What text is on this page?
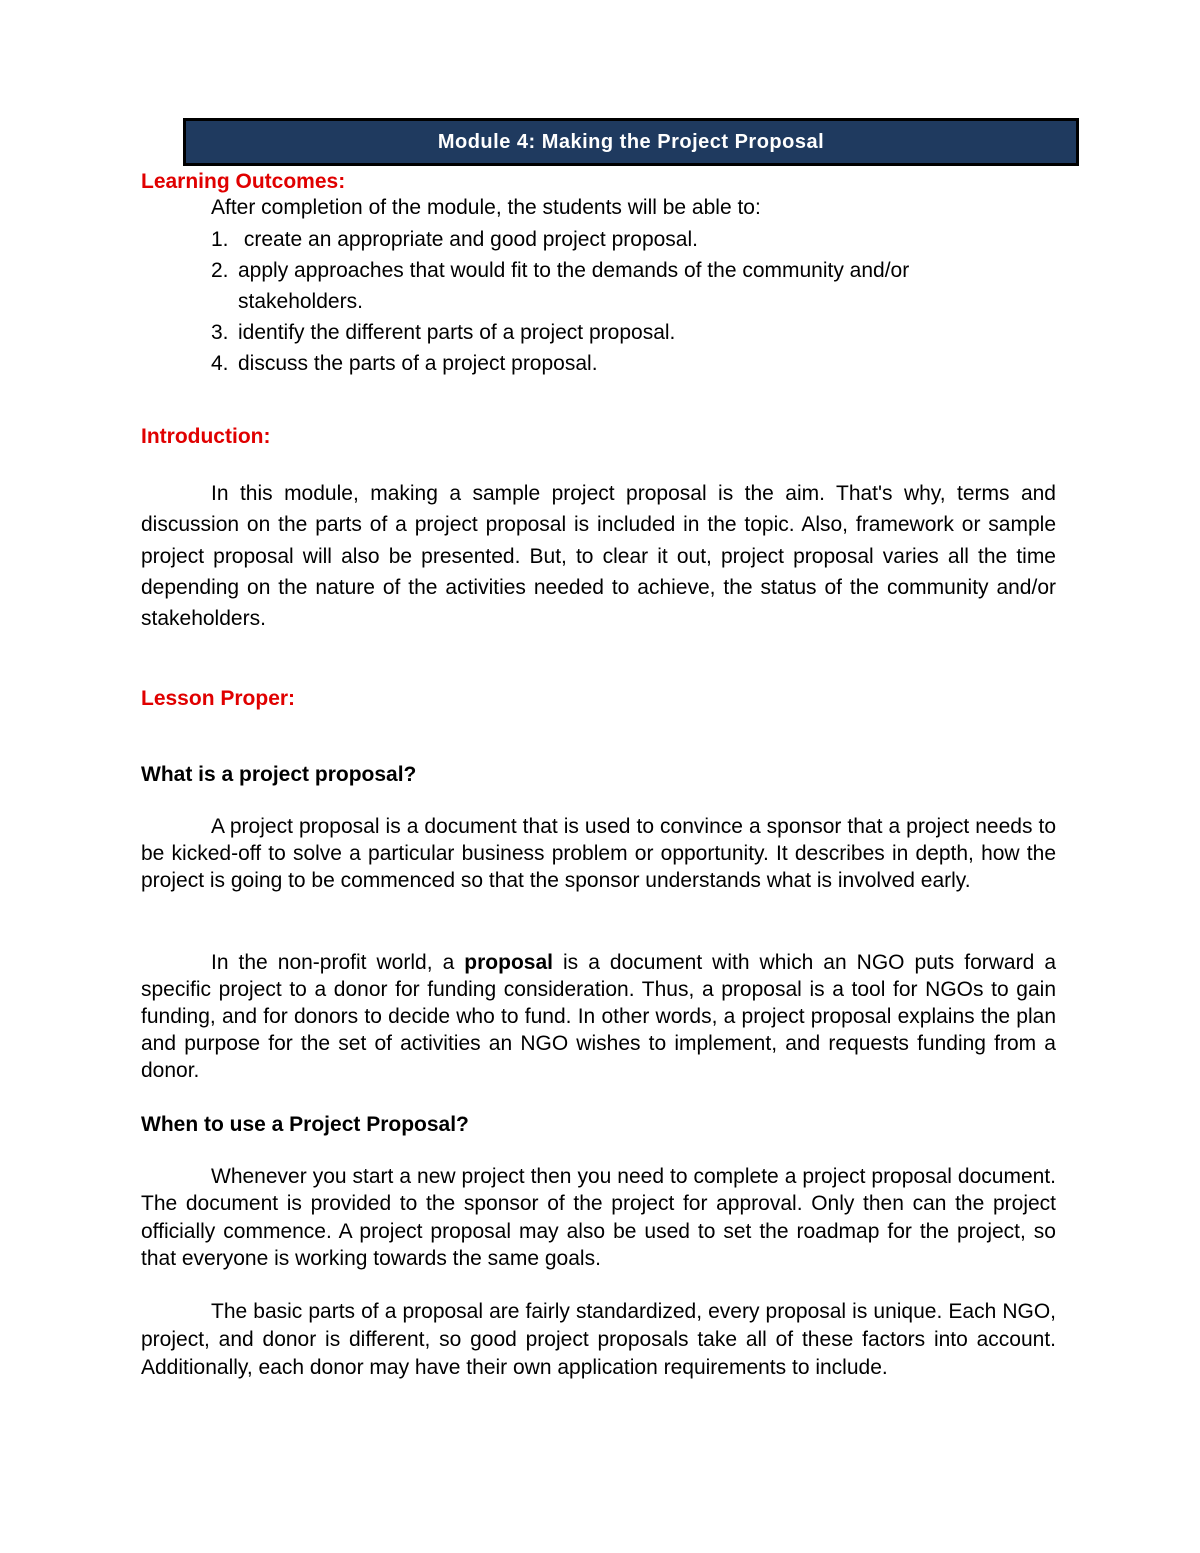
Module 4: Making the Project Proposal
Learning Outcomes:
After completion of the module, the students will be able to:
1. create an appropriate and good project proposal.
2. apply approaches that would fit to the demands of the community and/or stakeholders.
3. identify the different parts of a project proposal.
4. discuss the parts of a project proposal.
Introduction:

In this module, making a sample project proposal is the aim. That's why, terms and discussion on the parts of a project proposal is included in the topic. Also, framework or sample project proposal will also be presented. But, to clear it out, project proposal varies all the time depending on the nature of the activities needed to achieve, the status of the community and/or stakeholders.

Lesson Proper:
What is a project proposal?

A project proposal is a document that is used to convince a sponsor that a project needs to be kicked-off to solve a particular business problem or opportunity. It describes in depth, how the project is going to be commenced so that the sponsor understands what is involved early.

In the non-profit world, a proposal is a document with which an NGO puts forward a specific project to a donor for funding consideration. Thus, a proposal is a tool for NGOs to gain funding, and for donors to decide who to fund. In other words, a project proposal explains the plan and purpose for the set of activities an NGO wishes to implement, and requests funding from a donor.

When to use a Project Proposal?

Whenever you start a new project then you need to complete a project proposal document. The document is provided to the sponsor of the project for approval. Only then can the project officially commence. A project proposal may also be used to set the roadmap for the project, so that everyone is working towards the same goals.

The basic parts of a proposal are fairly standardized, every proposal is unique. Each NGO, project, and donor is different, so good project proposals take all of these factors into account. Additionally, each donor may have their own application requirements to include.
